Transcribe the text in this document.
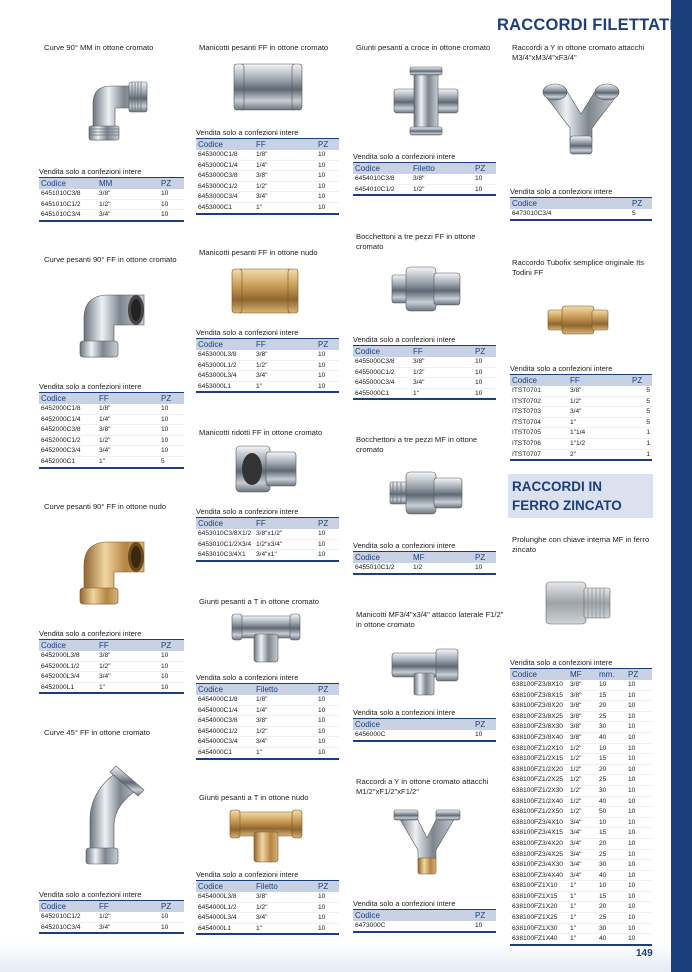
149
RACCORDI FILETTATI
RACCORDI IN FERRO ZINCATO
Curve 90° MM in ottone cromato
Vendita solo a confezioni intere
Codice	MM	PZ
6451010C3/8	3/8"	10
6451010C1/2	1/2"	10
6451010C3/4	3/4"	10
Curve pesanti 90° FF in ottone cromato
Vendita solo a confezioni intere
Codice	FF	PZ
6452000C1/8	1/8"	10
6452000C1/4	1/4"	10
6452000C3/8	3/8"	10
6452000C1/2	1/2"	10
6452000C3/4	3/4"	10
6452000C1	1"	5
Curve pesanti 90° FF in ottone nudo
Vendita solo a confezioni intere
Codice	FF	PZ
6452000L3/8	3/8"	10
6452000L1/2	1/2"	10
6452000L3/4	3/4"	10
6452000L1	1"	10
Curve 45° FF in ottone cromato
Vendita solo a confezioni intere
Codice	FF	PZ
6452010C1/2	1/2"	10
6452010C3/4	3/4"	10
Manicotti pesanti FF in ottone cromato
Vendita solo a confezioni intere
Codice	FF	PZ
6453000C1/8	1/8"	10
6453000C1/4	1/4"	10
6453000C3/8	3/8"	10
6453000C1/2	1/2"	10
6453000C3/4	3/4"	10
6453000C1	1"	10
Manicotti pesanti FF in ottone nudo
Vendita solo a confezioni intere
Codice	FF	PZ
6453000L3/8	3/8"	10
6453000L1/2	1/2"	10
6453000L3/4	3/4"	10
6453000L1	1"	10
Manicotti ridotti FF in ottone cromato
Vendita solo a confezioni intere
Codice	FF	PZ
6453010C3/8X1/2	3/8"x1/2"	10
6453010C1/2X3/4	1/2"x3/4"	10
6453010C3/4X1	3/4"x1"	10
Giunti pesanti a T in ottone cromato
Vendita solo a confezioni intere
Codice	Filetto	PZ
6454000C1/8	1/8"	10
6454000C1/4	1/4"	10
6454000C3/8	3/8"	10
6454000C1/2	1/2"	10
6454000C3/4	3/4"	10
6454000C1	1"	10
Giunti pesanti a T in ottone nudo
Vendita solo a confezioni intere
Codice	Filetto	PZ
6454000L3/8	3/8"	10
6454000L1/2	1/2"	10
6454000L3/4	3/4"	10
6454000L1	1"	10
Giunti pesanti a croce in ottone cromato
Vendita solo a confezioni intere
Codice	Filetto	PZ
6454010C3/8	3/8"	10
6454010C1/2	1/2"	10
Bocchettoni a tre pezzi FF in ottone cromato
Vendita solo a confezioni intere
Codice	FF	PZ
6455000C3/8	3/8"	10
6455000C1/2	1/2"	10
6455000C3/4	3/4"	10
6455000C1	1"	10
Bocchettoni a tre pezzi MF in ottone cromato
Vendita solo a confezioni intere
Codice	MF	PZ
6455010C1/2	1/2	10
Manicotti MF3/4"x3/4" attacco laterale F1/2" in ottone cromato
Vendita solo a confezioni intere
Codice		PZ
6456000C		10
Raccordi a Y in ottone cromato attacchi M1/2"xF1/2"xF1/2"
Vendita solo a confezioni intere
Codice		PZ
6473000C		10
Raccordi a Y in ottone cromato attacchi M3/4"xM3/4"xF3/4"
Vendita solo a confezioni intere
Codice		PZ
6473010C3/4		5
Raccordo Tubofix semplice originale Its Todini FF
Vendita solo a confezioni intere
Codice	FF	PZ
ITST0701	3/8"	5
ITST0702	1/2"	5
ITST0703	3/4"	5
ITST0704	1"	5
ITST0705	1"1/4	1
ITST0706	1"1/2	1
ITST0707	2"	1
Prolunghe con chiave interna MF in ferro zincato
Vendita solo a confezioni intere
Codice	MF	mm.	PZ
638100FZ3/8X10	3/8"	10	10
638100FZ3/8X15	3/8"	15	10
638100FZ3/8X20	3/8"	20	10
638100FZ3/8X25	3/8"	25	10
638100FZ3/8X30	3/8"	30	10
638100FZ3/8X40	3/8"	40	10
638100FZ1/2X10	1/2"	10	10
638100FZ1/2X15	1/2"	15	10
638100FZ1/2X20	1/2"	20	10
638100FZ1/2X25	1/2"	25	10
638100FZ1/2X30	1/2"	30	10
638100FZ1/2X40	1/2"	40	10
638100FZ1/2X50	1/2"	50	10
638100FZ3/4X10	3/4"	10	10
638100FZ3/4X15	3/4"	15	10
638100FZ3/4X20	3/4"	20	10
638100FZ3/4X25	3/4"	25	10
638100FZ3/4X30	3/4"	30	10
638100FZ3/4X40	3/4"	40	10
638100FZ1X10	1"	10	10
638100FZ1X15	1"	15	10
638100FZ1X20	1"	20	10
638100FZ1X25	1"	25	10
638100FZ1X30	1"	30	10
638100FZ1X40	1"	40	10
